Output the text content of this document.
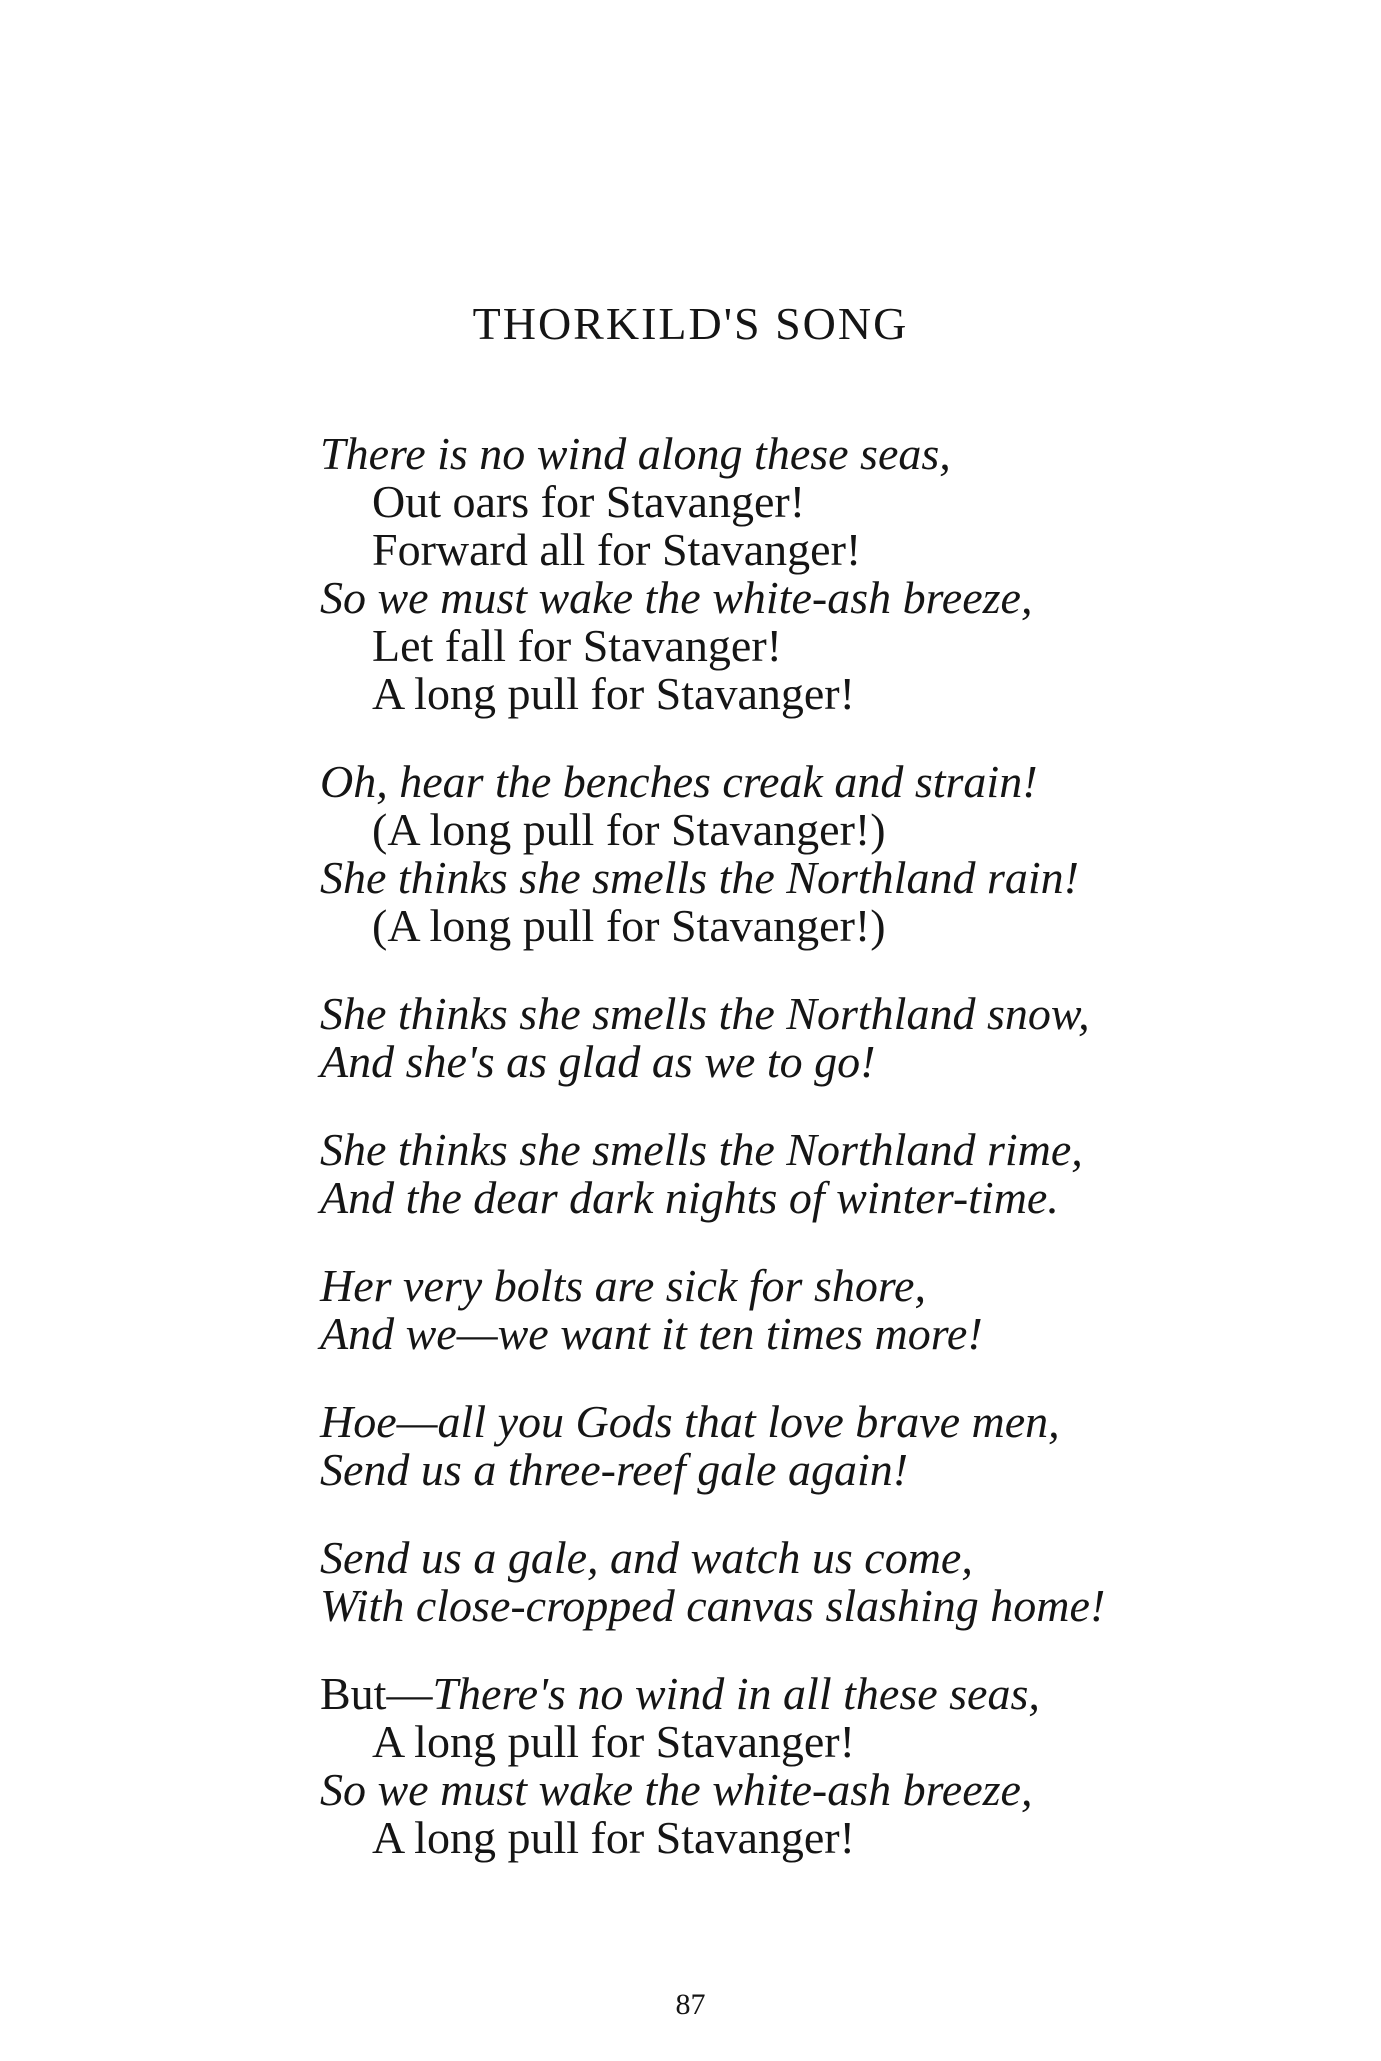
THORKILD'S SONG
There is no wind along these seas,
Out oars for Stavanger!
Forward all for Stavanger!
So we must wake the white-ash breeze,
Let fall for Stavanger!
A long pull for Stavanger!
Oh, hear the benches creak and strain!
(A long pull for Stavanger!)
She thinks she smells the Northland rain!
(A long pull for Stavanger!)
She thinks she smells the Northland snow,
And she's as glad as we to go!
She thinks she smells the Northland rime,
And the dear dark nights of winter-time.
Her very bolts are sick for shore,
And we—we want it ten times more!
Hoe—all you Gods that love brave men,
Send us a three-reef gale again!
Send us a gale, and watch us come,
With close-cropped canvas slashing home!
But—There's no wind in all these seas,
A long pull for Stavanger!
So we must wake the white-ash breeze,
A long pull for Stavanger!
87
